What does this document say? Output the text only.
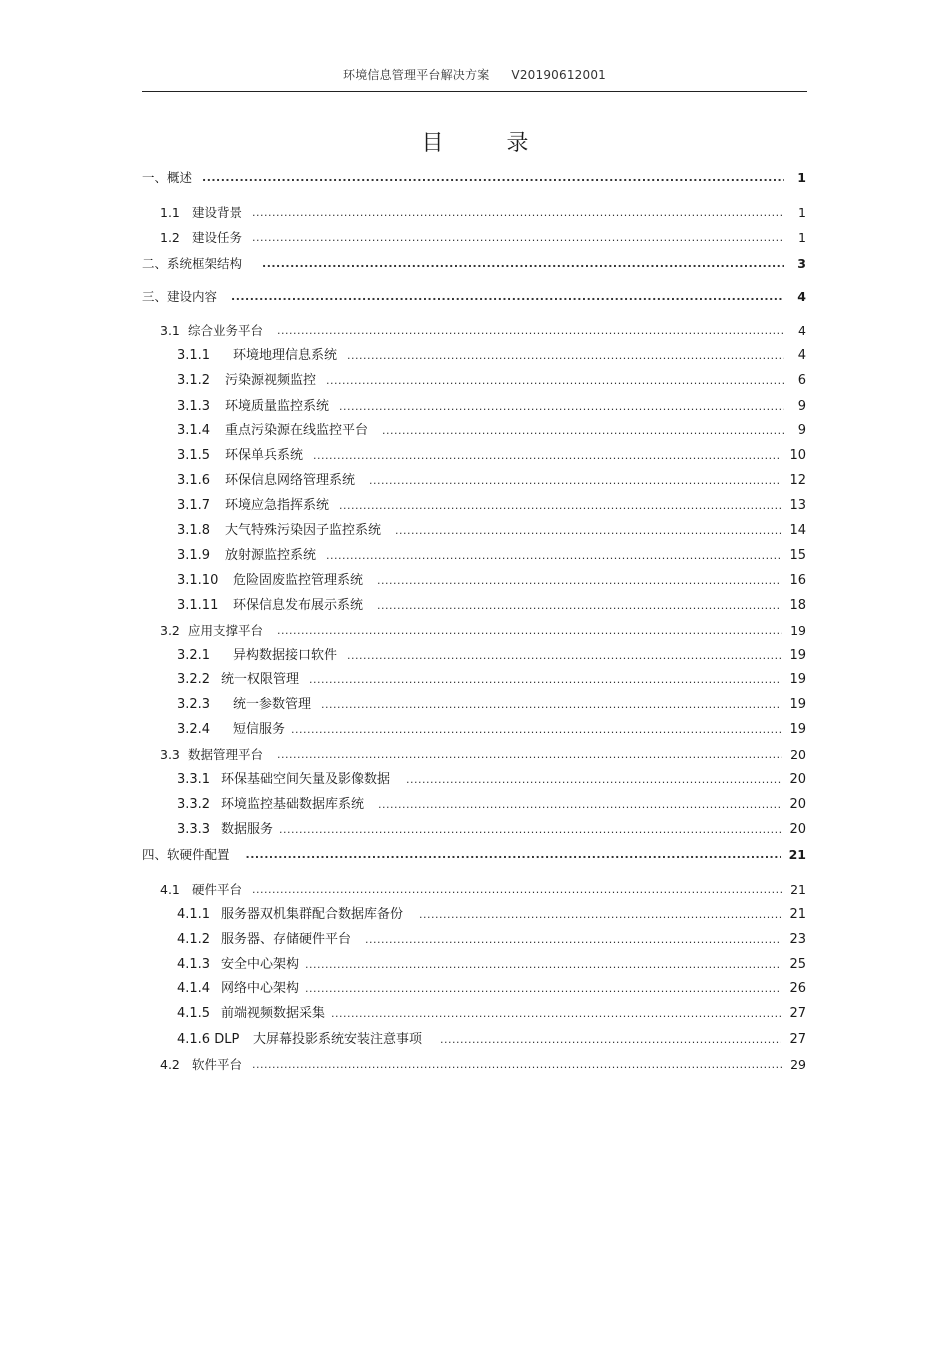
环境信息管理平台解决方案 V20190612001
目 录
一、概述 .....	1
1.1 建设背景 .....	1
1.2 建设任务 .....	1
二、系统框架结构 .....	3
三、建设内容 .....	4
3.1 综合业务平台 .....	4
3.1.1	环境地理信息系统 .....	4
3.1.2	污染源视频监控 .....	6
3.1.3	环境质量监控系统 .....	9
3.1.4	重点污染源在线监控平台 .....	9
3.1.5	环保单兵系统 .....	10
3.1.6	环保信息网络管理系统 .....	12
3.1.7	环境应急指挥系统 .....	13
3.1.8	大气特殊污染因子监控系统 .....	14
3.1.9	放射源监控系统 .....	15
3.1.10	危险固废监控管理系统 .....	16
3.1.11	环保信息发布展示系统 .....	18
3.2 应用支撑平台 .....	19
3.2.1	异构数据接口软件 .....	19
3.2.2 统一权限管理 .....	19
3.2.3	统一参数管理 .....	19
3.2.4	短信服务 .....	19
3.3 数据管理平台 .....	20
3.3.1 环保基础空间矢量及影像数据 .....	20
3.3.2 环境监控基础数据库系统 .....	20
3.3.3 数据服务 .....	20
四、软硬件配置 .....	21
4.1 硬件平台 .....	21
4.1.1 服务器双机集群配合数据库备份 .....	21
4.1.2 服务器、存储硬件平台 .....	23
4.1.3 安全中心架构 .....	25
4.1.4 网络中心架构 .....	26
4.1.5 前端视频数据采集 .....	27
4.1.6 DLP	大屏幕投影系统安装注意事项 .....	27
4.2 软件平台 .....	29
